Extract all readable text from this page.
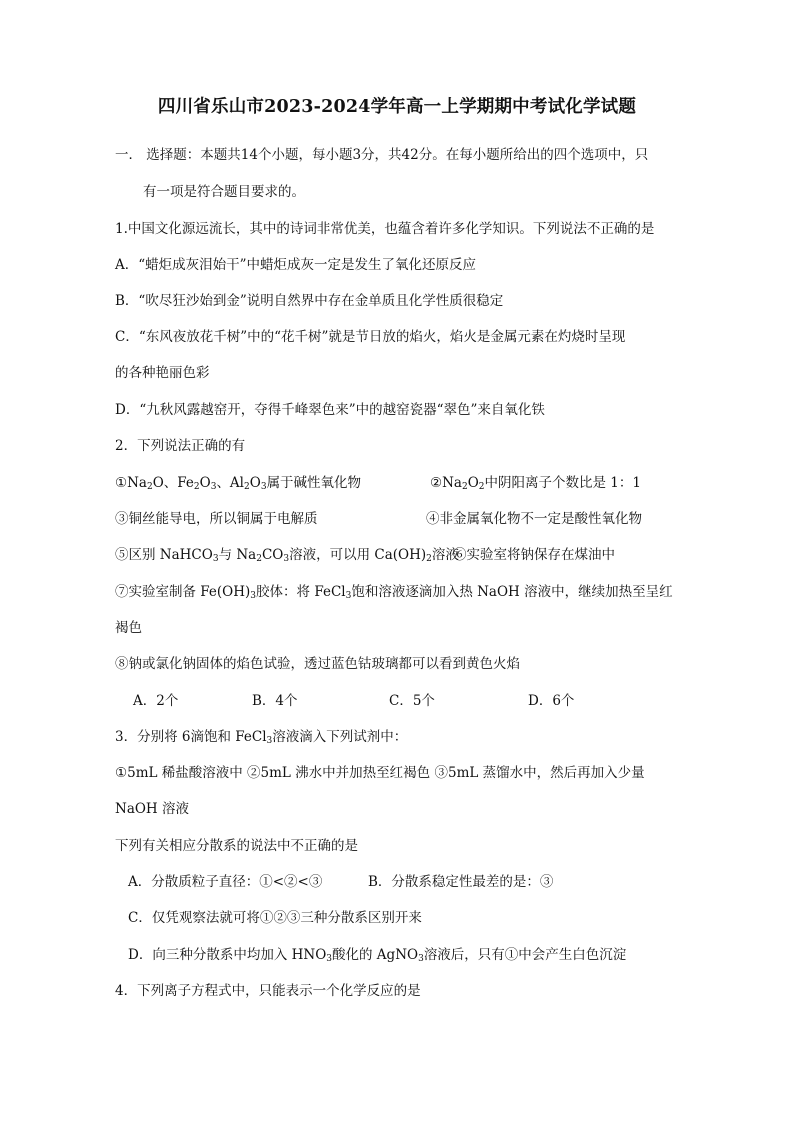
四川省乐山市2023-2024学年高一上学期期中考试化学试题
一． 选择题：本题共14个小题，每小题3分，共42分。在每小题所给出的四个选项中，只
有一项是符合题目要求的。
1.中国文化源远流长，其中的诗词非常优美，也蕴含着许多化学知识。下列说法不正确的是
A．“蜡炬成灰泪始干”中蜡炬成灰一定是发生了氧化还原反应
B．“吹尽狂沙始到金”说明自然界中存在金单质且化学性质很稳定
C．“东风夜放花千树”中的“花千树”就是节日放的焰火，焰火是金属元素在灼烧时呈现
的各种艳丽色彩
D．“九秋风露越窑开，夺得千峰翠色来”中的越窑瓷器“翠色”来自氧化铁
2．下列说法正确的有
$①Na_2O$、$Fe_2O_3$、$Al_2O_3$属于碱性氧化物	$②Na_2O_2$中阴阳离子个数比是 1：1
③铜丝能导电，所以铜属于电解质	④非金属氧化物不一定是酸性氧化物
⑤区别 NaHCO$_3$与 $Na_2CO_3$溶液，可以用 $Ca(OH)_2$溶液
⑥实验室将钠保存在煤油中
⑦实验室制备 $Fe(OH)_3$胶体：将 FeCl$_3$饱和溶液逐滴加入热 NaOH 溶液中，继续加热至呈红
褐色
⑧钠或氯化钠固体的焰色试验，透过蓝色钴玻璃都可以看到黄色火焰
A．2个	B．4个	C．5个	D．6个
3．分别将 6滴饱和 FeCl$_3$溶液滴入下列试剂中：
①5mL 稀盐酸溶液中 ②5mL 沸水中并加热至红褐色 ③5mL 蒸馏水中，然后再加入少量
NaOH 溶液
下列有关相应分散系的说法中不正确的是
A．分散质粒子直径：①<②<③	B．分散系稳定性最差的是：③
C．仅凭观察法就可将①②③三种分散系区别开来
D．向三种分散系中均加入 $HNO_3$酸化的 AgNO$_3$溶液后，只有①中会产生白色沉淀
4．下列离子方程式中，只能表示一个化学反应的是
